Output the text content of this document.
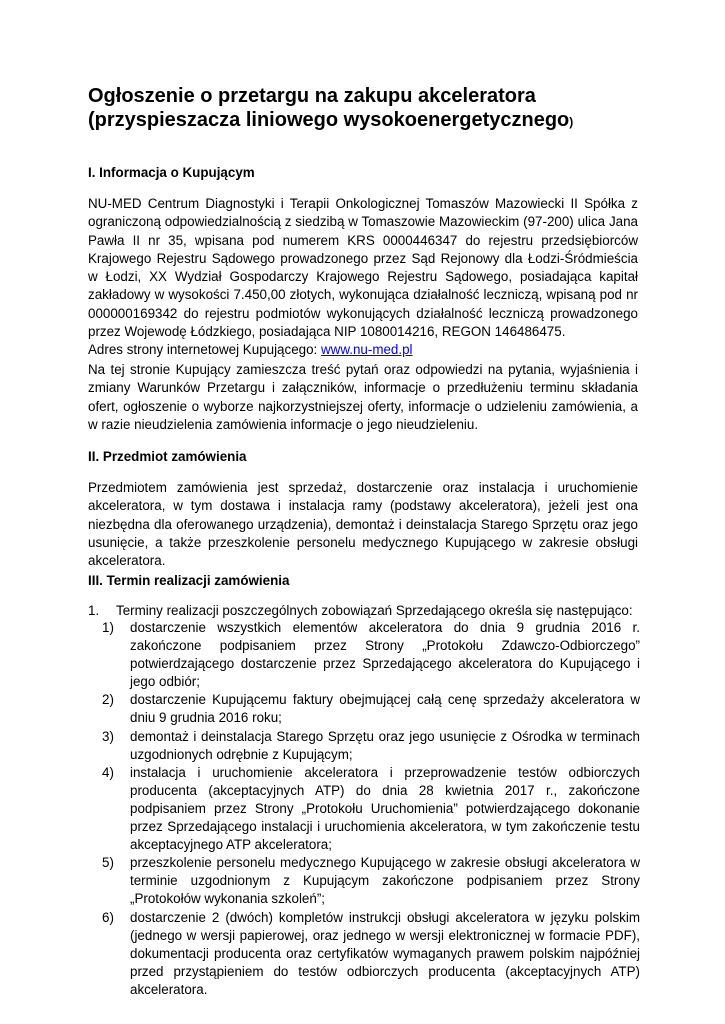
Ogłoszenie o przetargu na zakupu akceleratora (przyspieszacza liniowego wysokoenergetycznego)
I. Informacja o Kupującym

NU-MED Centrum Diagnostyki i Terapii Onkologicznej Tomaszów Mazowiecki II Spółka z ograniczoną odpowiedzialnością z siedzibą w Tomaszowie Mazowieckim (97-200) ulica Jana Pawła II nr 35, wpisana pod numerem KRS 0000446347 do rejestru przedsiębiorców Krajowego Rejestru Sądowego prowadzonego przez Sąd Rejonowy dla Łodzi-Śródmieścia w Łodzi, XX Wydział Gospodarczy Krajowego Rejestru Sądowego, posiadająca kapitał zakładowy w wysokości 7.450,00 złotych, wykonująca działalność leczniczą, wpisaną pod nr 000000169342 do rejestru podmiotów wykonujących działalność leczniczą prowadzonego przez Wojewodę Łódzkiego, posiadająca NIP 1080014216, REGON 146486475.
Adres strony internetowej Kupującego: www.nu-med.pl

Na tej stronie Kupujący zamieszcza treść pytań oraz odpowiedzi na pytania, wyjaśnienia i zmiany Warunków Przetargu i załączników, informacje o przedłużeniu terminu składania ofert, ogłoszenie o wyborze najkorzystniejszej oferty, informacje o udzieleniu zamówienia, a w razie nieudzielenia zamówienia informacje o jego nieudzieleniu.

II. Przedmiot zamówienia

Przedmiotem zamówienia jest sprzedaż, dostarczenie oraz instalacja i uruchomienie akceleratora, w tym dostawa i instalacja ramy (podstawy akceleratora), jeżeli jest ona niezbędna dla oferowanego urządzenia), demontaż i deinstalacja Starego Sprzętu oraz jego usunięcie, a także przeszkolenie personelu medycznego Kupującego w zakresie obsługi akceleratora.

III. Termin realizacji zamówienia

1. Terminy realizacji poszczególnych zobowiązań Sprzedającego określa się następująco:

1) dostarczenie wszystkich elementów akceleratora do dnia 9 grudnia 2016 r. zakończone podpisaniem przez Strony „Protokołu Zdawczo-Odbiorczego” potwierdzającego dostarczenie przez Sprzedającego akceleratora do Kupującego i jego odbiór;
2) dostarczenie Kupującemu faktury obejmującej całą cenę sprzedaży akceleratora w dniu 9 grudnia 2016 roku;
3) demontaż i deinstalacja Starego Sprzętu oraz jego usunięcie z Ośrodka w terminach uzgodnionych odrębnie z Kupującym;
4) instalacja i uruchomienie akceleratora i przeprowadzenie testów odbiorczych producenta (akceptacyjnych ATP) do dnia 28 kwietnia 2017 r., zakończone podpisaniem przez Strony „Protokołu Uruchomienia” potwierdzającego dokonanie przez Sprzedającego instalacji i uruchomienia akceleratora, w tym zakończenie testu akceptacyjnego ATP akceleratora;
5) przeszkolenie personelu medycznego Kupującego w zakresie obsługi akceleratora w terminie uzgodnionym z Kupującym zakończone podpisaniem przez Strony „Protokołów wykonania szkoleń”;
6) dostarczenie 2 (dwóch) kompletów instrukcji obsługi akceleratora w języku polskim (jednego w wersji papierowej, oraz jednego w wersji elektronicznej w formacie PDF), dokumentacji producenta oraz certyfikatów wymaganych prawem polskim najpóźniej przed przystąpieniem do testów odbiorczych producenta (akceptacyjnych ATP) akceleratora.
